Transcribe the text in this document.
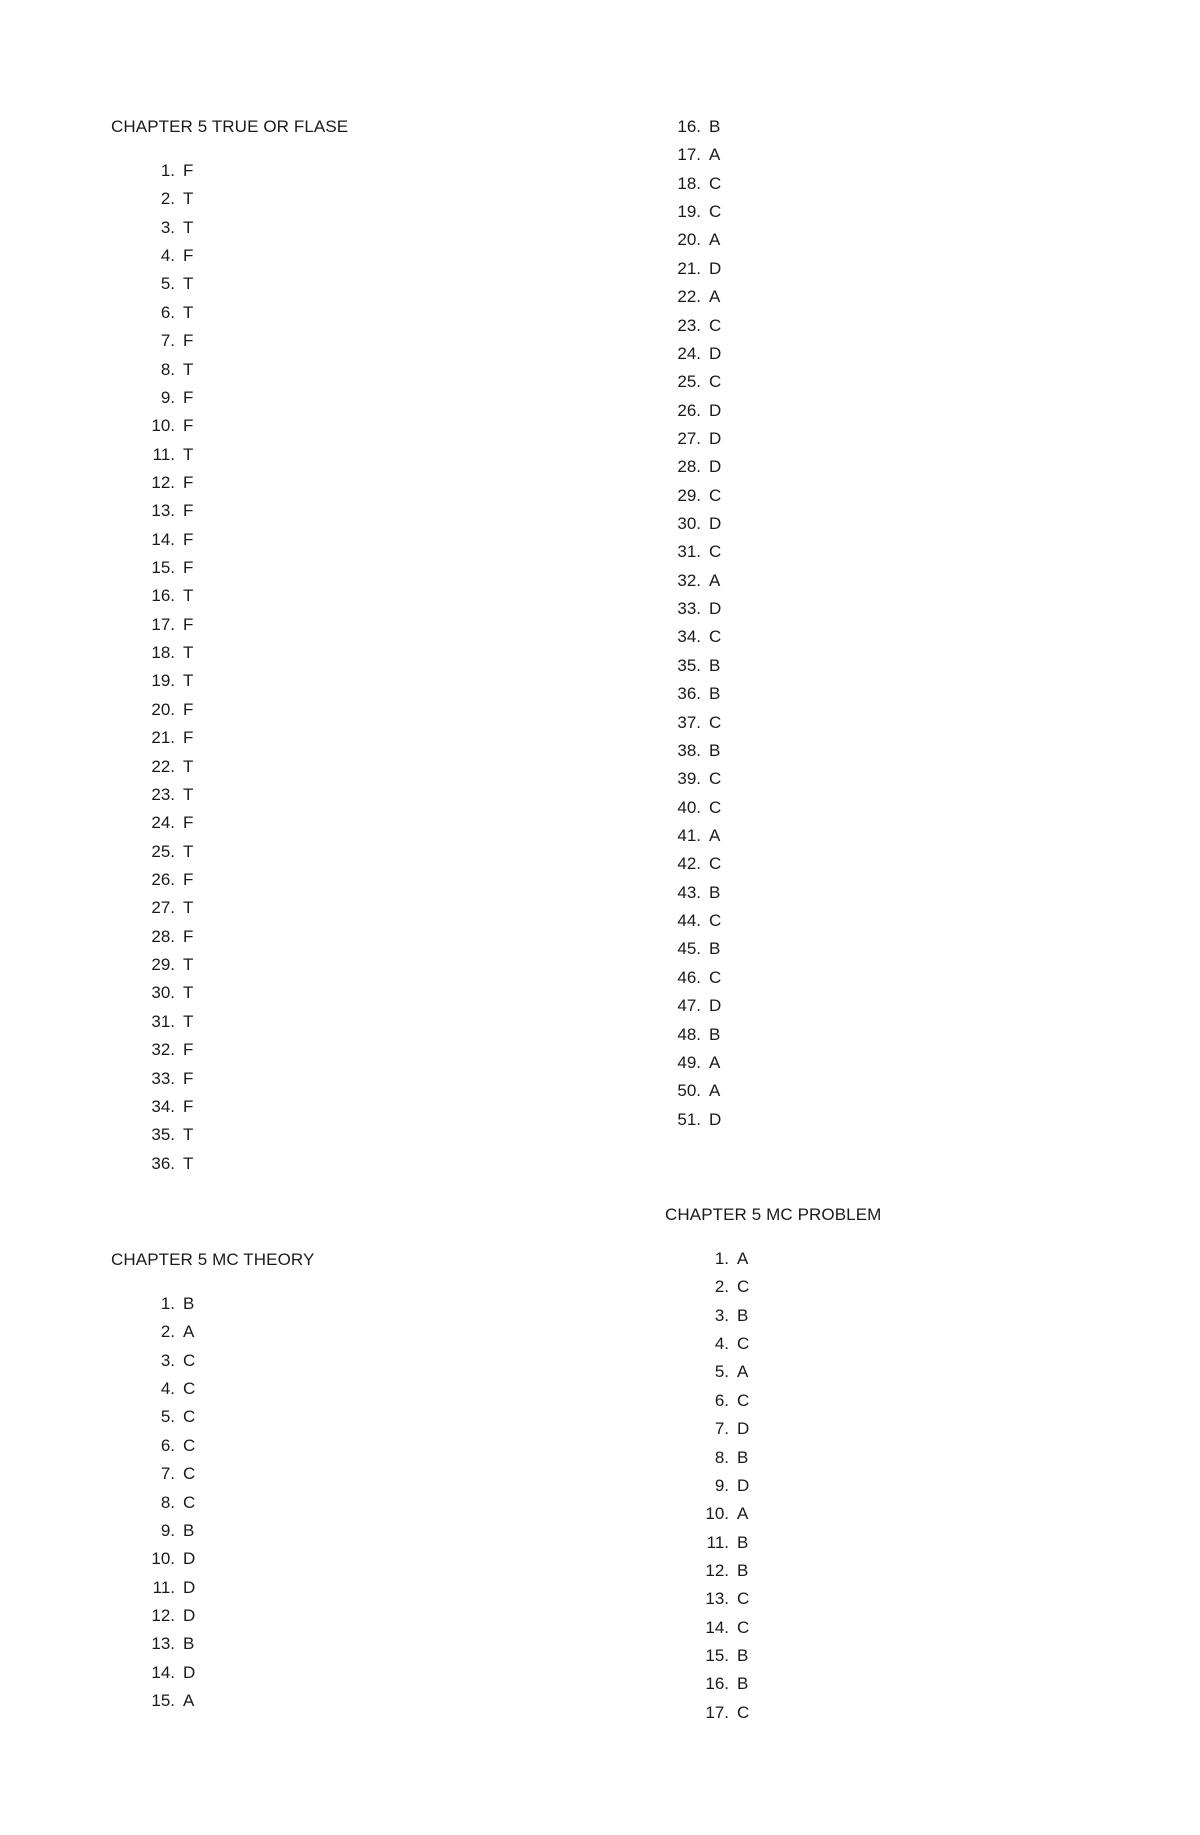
CHAPTER 5 TRUE OR FLASE
1. F
2. T
3. T
4. F
5. T
6. T
7. F
8. T
9. F
10. F
11. T
12. F
13. F
14. F
15. F
16. T
17. F
18. T
19. T
20. F
21. F
22. T
23. T
24. F
25. T
26. F
27. T
28. F
29. T
30. T
31. T
32. F
33. F
34. F
35. T
36. T
CHAPTER 5 MC THEORY
1. B
2. A
3. C
4. C
5. C
6. C
7. C
8. C
9. B
10. D
11. D
12. D
13. B
14. D
15. A
16. B
17. A
18. C
19. C
20. A
21. D
22. A
23. C
24. D
25. C
26. D
27. D
28. D
29. C
30. D
31. C
32. A
33. D
34. C
35. B
36. B
37. C
38. B
39. C
40. C
41. A
42. C
43. B
44. C
45. B
46. C
47. D
48. B
49. A
50. A
51. D
CHAPTER 5 MC PROBLEM
1. A
2. C
3. B
4. C
5. A
6. C
7. D
8. B
9. D
10. A
11. B
12. B
13. C
14. C
15. B
16. B
17. C
